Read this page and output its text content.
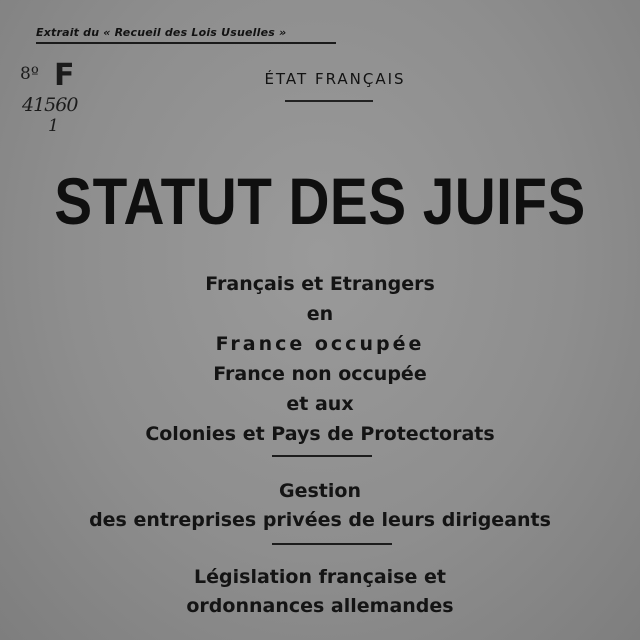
Extrait du « Recueil des Lois Usuelles »
8º F
41560
1
ÉTAT FRANÇAIS
STATUT DES JUIFS
Français et Etrangers
en
France occupée
France non occupée
et aux
Colonies et Pays de Protectorats
Gestion
des entreprises privées de leurs dirigeants
Législation française et
ordonnances allemandes
